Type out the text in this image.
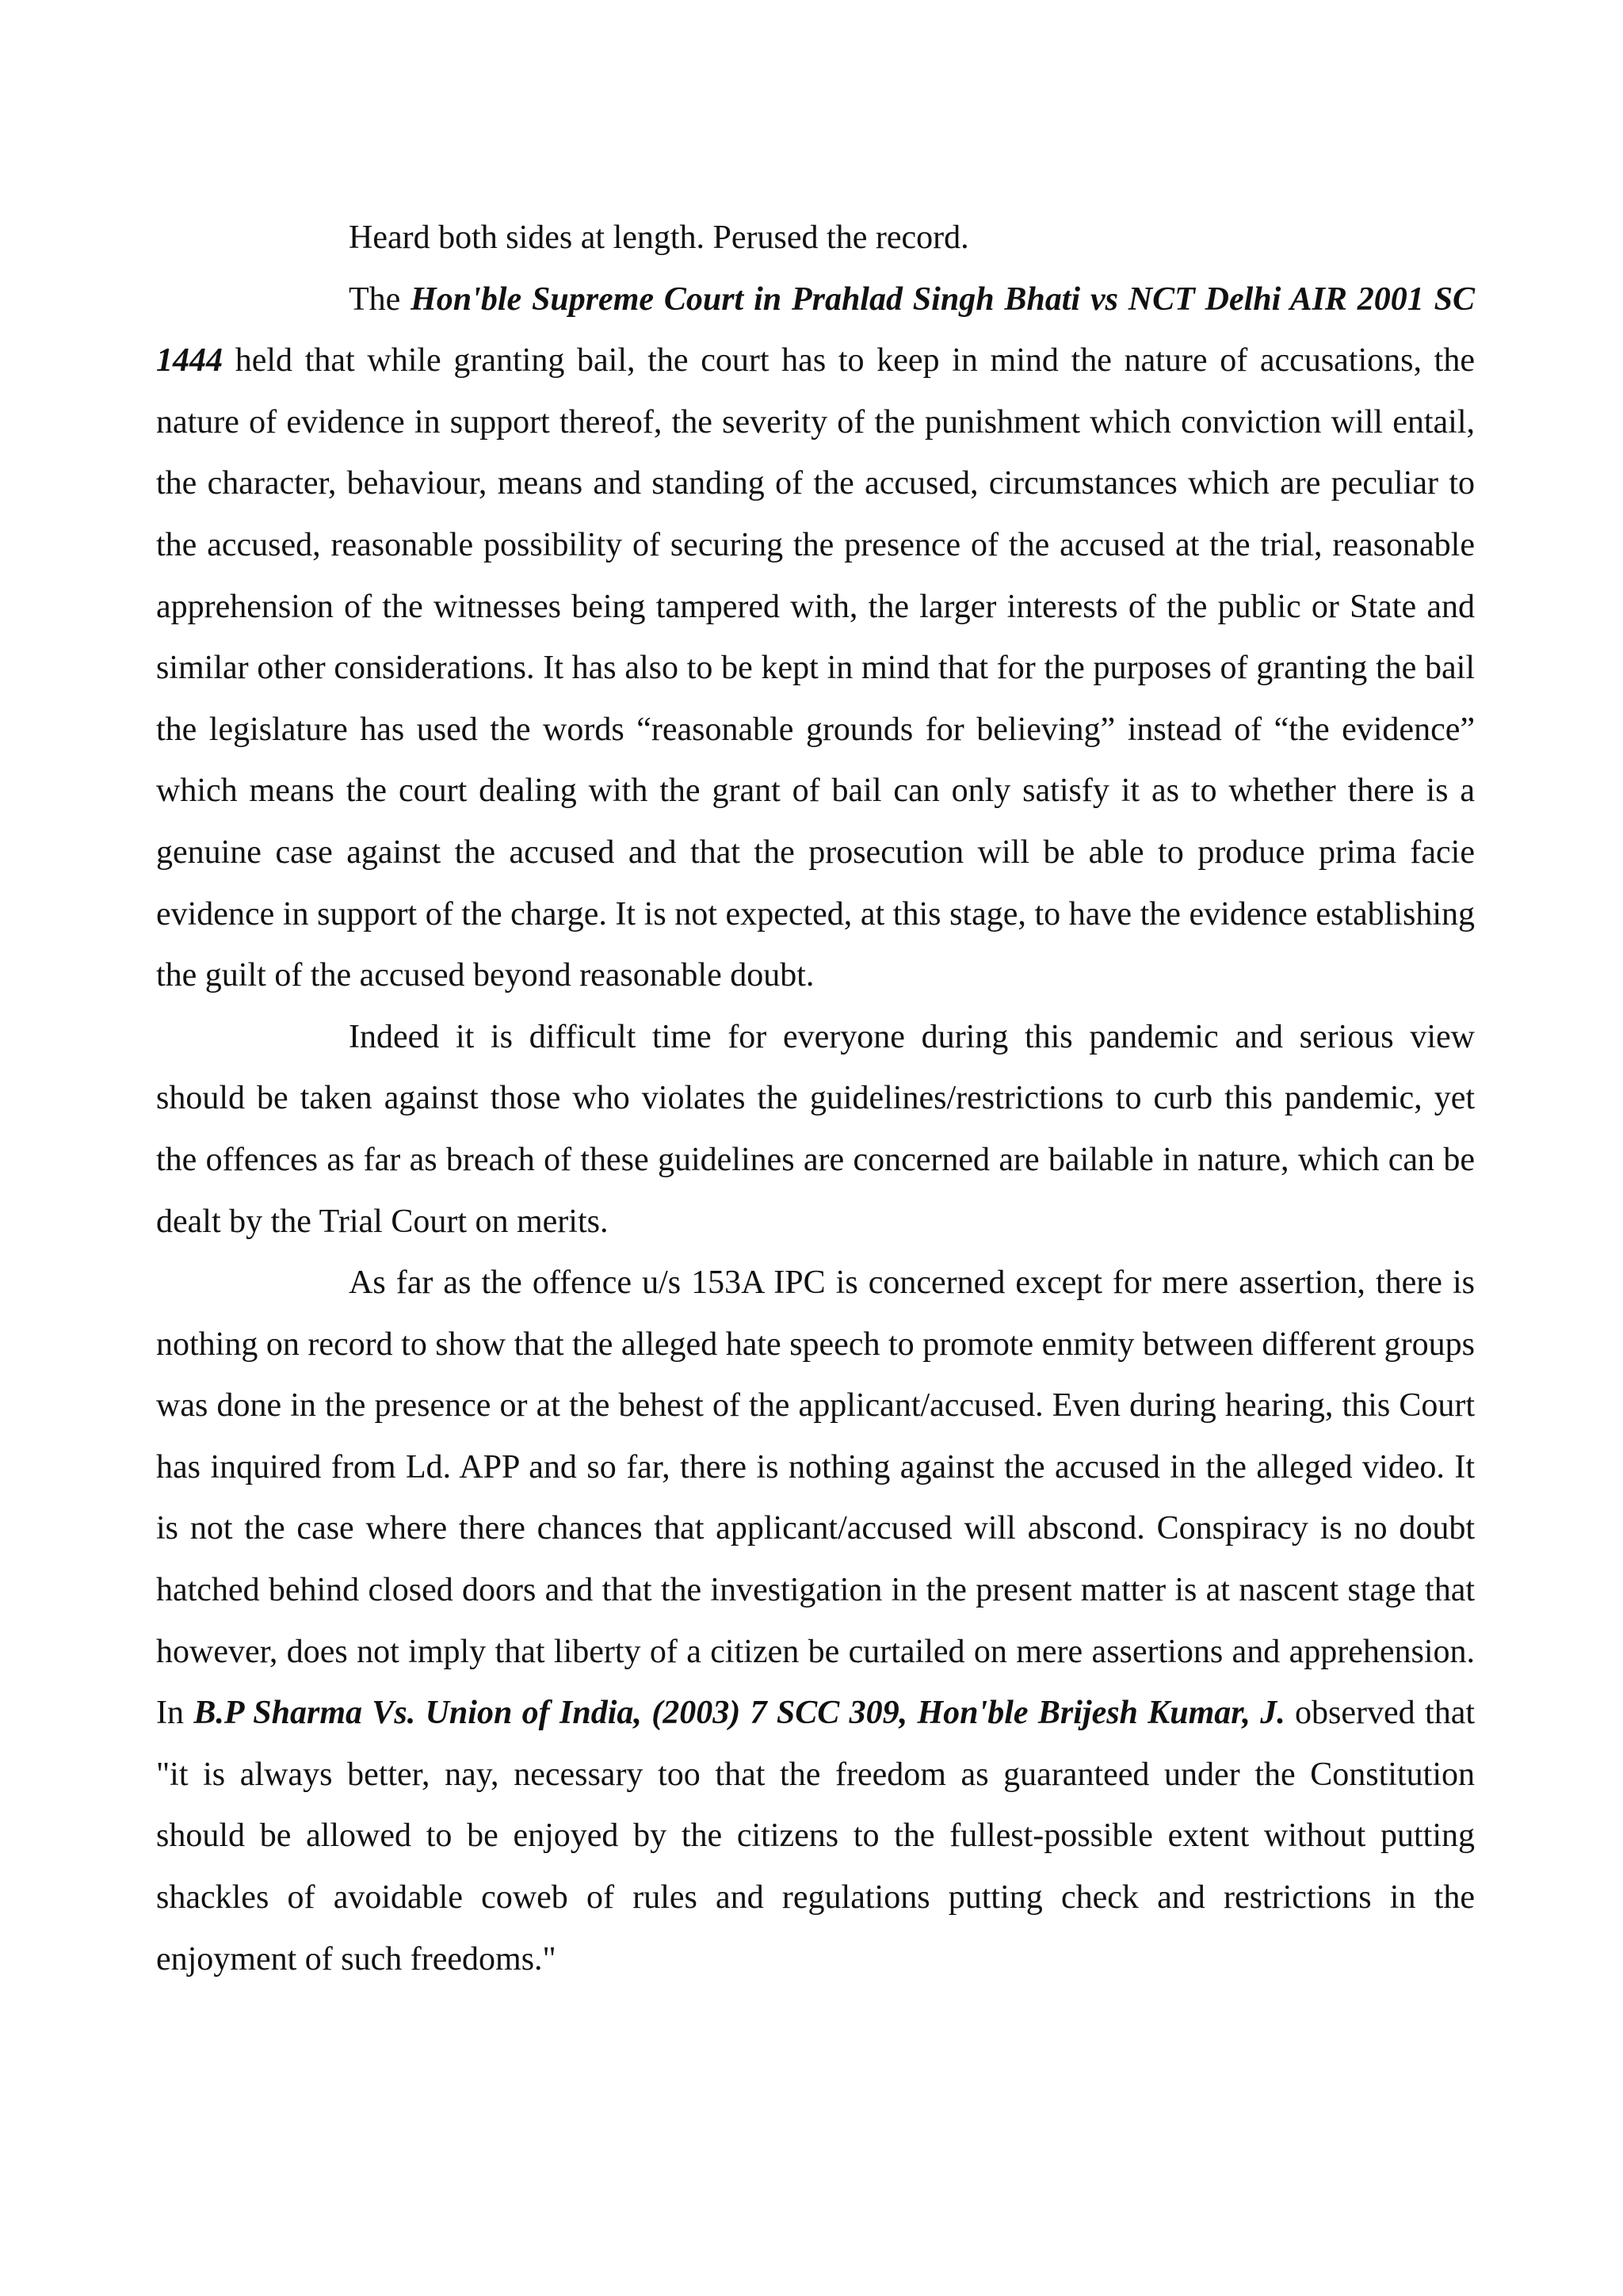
Heard both sides at length. Perused the record.

The Hon'ble Supreme Court in Prahlad Singh Bhati vs NCT Delhi AIR 2001 SC 1444 held that while granting bail, the court has to keep in mind the nature of accusations, the nature of evidence in support thereof, the severity of the punishment which conviction will entail, the character, behaviour, means and standing of the accused, circumstances which are peculiar to the accused, reasonable possibility of securing the presence of the accused at the trial, reasonable apprehension of the witnesses being tampered with, the larger interests of the public or State and similar other considerations. It has also to be kept in mind that for the purposes of granting the bail the legislature has used the words “reasonable grounds for believing” instead of “the evidence” which means the court dealing with the grant of bail can only satisfy it as to whether there is a genuine case against the accused and that the prosecution will be able to produce prima facie evidence in support of the charge. It is not expected, at this stage, to have the evidence establishing the guilt of the accused beyond reasonable doubt.

Indeed it is difficult time for everyone during this pandemic and serious view should be taken against those who violates the guidelines/restrictions to curb this pandemic, yet the offences as far as breach of these guidelines are concerned are bailable in nature, which can be dealt by the Trial Court on merits.

As far as the offence u/s 153A IPC is concerned except for mere assertion, there is nothing on record to show that the alleged hate speech to promote enmity between different groups was done in the presence or at the behest of the applicant/accused. Even during hearing, this Court has inquired from Ld. APP and so far, there is nothing against the accused in the alleged video. It is not the case where there chances that applicant/accused will abscond. Conspiracy is no doubt hatched behind closed doors and that the investigation in the present matter is at nascent stage that however, does not imply that liberty of a citizen be curtailed on mere assertions and apprehension. In B.P Sharma Vs. Union of India, (2003) 7 SCC 309, Hon'ble Brijesh Kumar, J. observed that "it is always better, nay, necessary too that the freedom as guaranteed under the Constitution should be allowed to be enjoyed by the citizens to the fullest-possible extent without putting shackles of avoidable coweb of rules and regulations putting check and restrictions in the enjoyment of such freedoms."
